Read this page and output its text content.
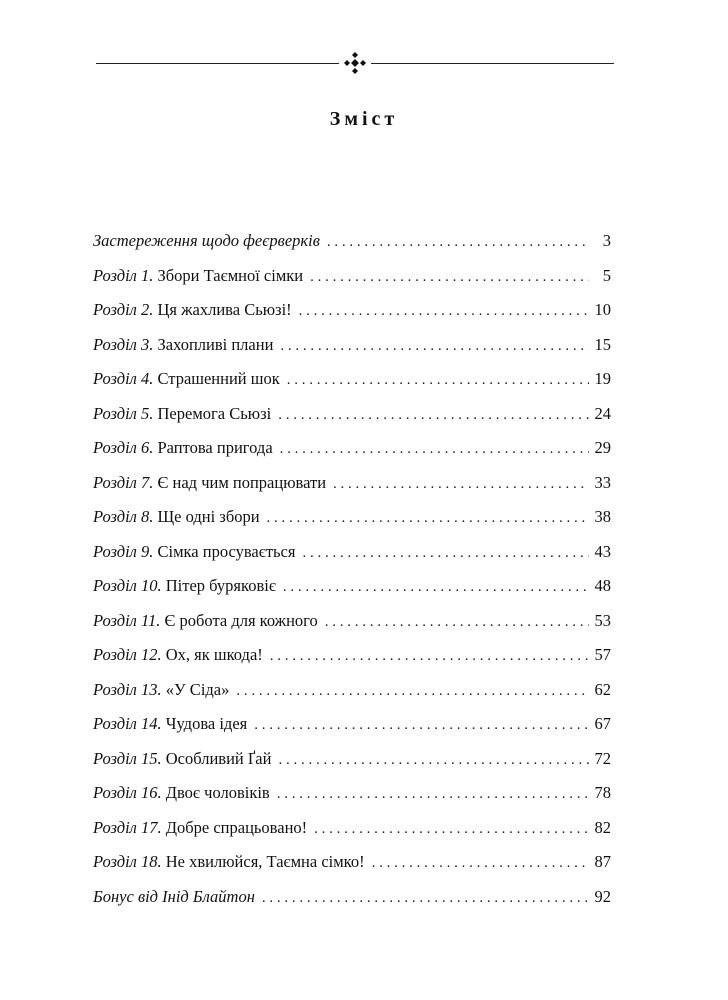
Зміст
Застереження щодо феєрверків . . .	3
Розділ 1. Збори Таємної сімки . . .	5
Розділ 2. Ця жахлива Сьюзі! . . .	10
Розділ 3. Захопливі плани . . .	15
Розділ 4. Страшенний шок . . .	19
Розділ 5. Перемога Сьюзі . . .	24
Розділ 6. Раптова пригода . . .	29
Розділ 7. Є над чим попрацювати . . .	33
Розділ 8. Ще одні збори . . .	38
Розділ 9. Сімка просувається . . .	43
Розділ 10. Пітер буряковіє . . .	48
Розділ 11. Є робота для кожного . . .	53
Розділ 12. Ох, як шкода! . . .	57
Розділ 13. «У Сіда» . . .	62
Розділ 14. Чудова ідея . . .	67
Розділ 15. Особливий Ґай . . .	72
Розділ 16. Двоє чоловіків . . .	78
Розділ 17. Добре спрацьовано! . . .	82
Розділ 18. Не хвилюйся, Таємна сімко! . . .	87
Бонус від Інід Блайтон . . .	92
